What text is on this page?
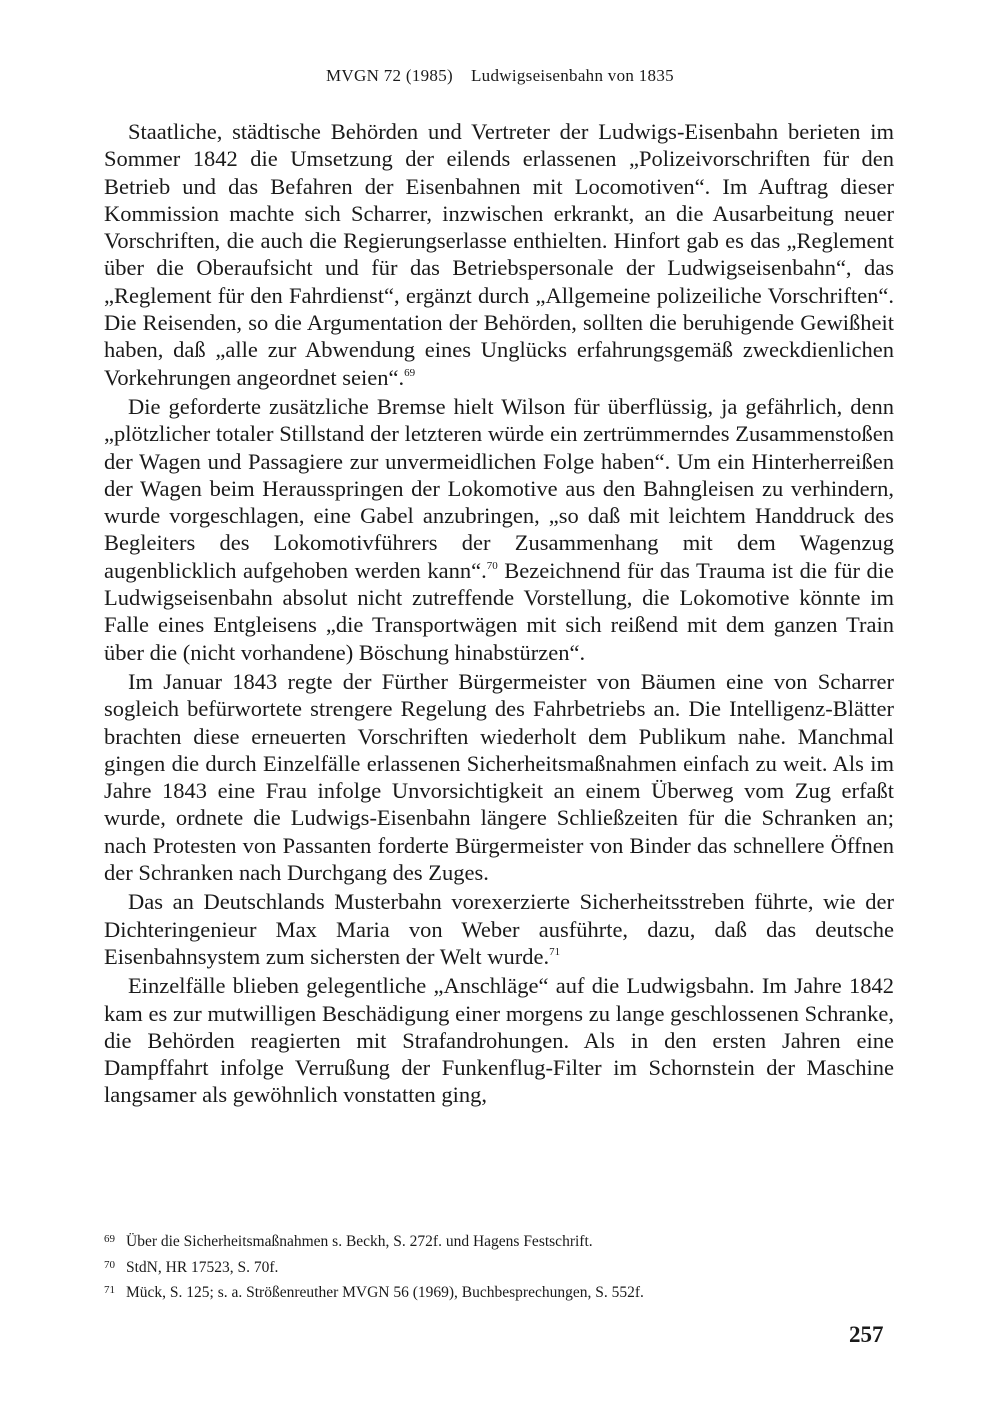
MVGN 72 (1985) Ludwigseisenbahn von 1835

Staatliche, städtische Behörden und Vertreter der Ludwigs-Eisenbahn berieten im Sommer 1842 die Umsetzung der eilends erlassenen „Polizeivorschriften für den Betrieb und das Befahren der Eisenbahnen mit Locomotiven“. Im Auftrag dieser Kommission machte sich Scharrer, inzwischen erkrankt, an die Ausarbeitung neuer Vorschriften, die auch die Regierungserlasse enthielten. Hinfort gab es das „Reglement über die Oberaufsicht und für das Betriebspersonale der Ludwigseisenbahn“, das „Reglement für den Fahrdienst“, ergänzt durch „Allgemeine polizeiliche Vorschriften“. Die Reisenden, so die Argumentation der Behörden, sollten die beruhigende Gewißheit haben, daß „alle zur Abwendung eines Unglücks erfahrungsgemäß zweckdienlichen Vorkehrungen angeordnet seien“.$^{69}$

Die geforderte zusätzliche Bremse hielt Wilson für überflüssig, ja gefährlich, denn „plötzlicher totaler Stillstand der letzteren würde ein zertrümmerndes Zusammenstoßen der Wagen und Passagiere zur unvermeidlichen Folge haben“. Um ein Hinterherreißen der Wagen beim Herausspringen der Lokomotive aus den Bahngleisen zu verhindern, wurde vorgeschlagen, eine Gabel anzubringen, „so daß mit leichtem Handdruck des Begleiters des Lokomotivführers der Zusammenhang mit dem Wagenzug augenblicklich aufgehoben werden kann“.$^{70}$ Bezeichnend für das Trauma ist die für die Ludwigseisenbahn absolut nicht zutreffende Vorstellung, die Lokomotive könnte im Falle eines Entgleisens „die Transportwägen mit sich reißend mit dem ganzen Train über die (nicht vorhandene) Böschung hinabstürzen“.

Im Januar 1843 regte der Fürther Bürgermeister von Bäumen eine von Scharrer sogleich befürwortete strengere Regelung des Fahrbetriebs an. Die Intelligenz-Blätter brachten diese erneuerten Vorschriften wiederholt dem Publikum nahe. Manchmal gingen die durch Einzelfälle erlassenen Sicherheitsmaßnahmen einfach zu weit. Als im Jahre 1843 eine Frau infolge Unvorsichtigkeit an einem Überweg vom Zug erfaßt wurde, ordnete die Ludwigs-Eisenbahn längere Schließzeiten für die Schranken an; nach Protesten von Passanten forderte Bürgermeister von Binder das schnellere Öffnen der Schranken nach Durchgang des Zuges.

Das an Deutschlands Musterbahn vorexerzierte Sicherheitsstreben führte, wie der Dichteringenieur Max Maria von Weber ausführte, dazu, daß das deutsche Eisenbahnsystem zum sichersten der Welt wurde.$^{71}$

Einzelfälle blieben gelegentliche „Anschläge“ auf die Ludwigsbahn. Im Jahre 1842 kam es zur mutwilligen Beschädigung einer morgens zu lange geschlossenen Schranke, die Behörden reagierten mit Strafandrohungen. Als in den ersten Jahren eine Dampffahrt infolge Verrußung der Funkenflug-Filter im Schornstein der Maschine langsamer als gewöhnlich vonstatten ging,

69 Über die Sicherheitsmaßnahmen s. Beckh, S. 272f. und Hagens Festschrift.
70 StdN, HR 17523, S. 70f.
71 Mück, S. 125; s. a. Strößenreuther MVGN 56 (1969), Buchbesprechungen, S. 552f.
257
